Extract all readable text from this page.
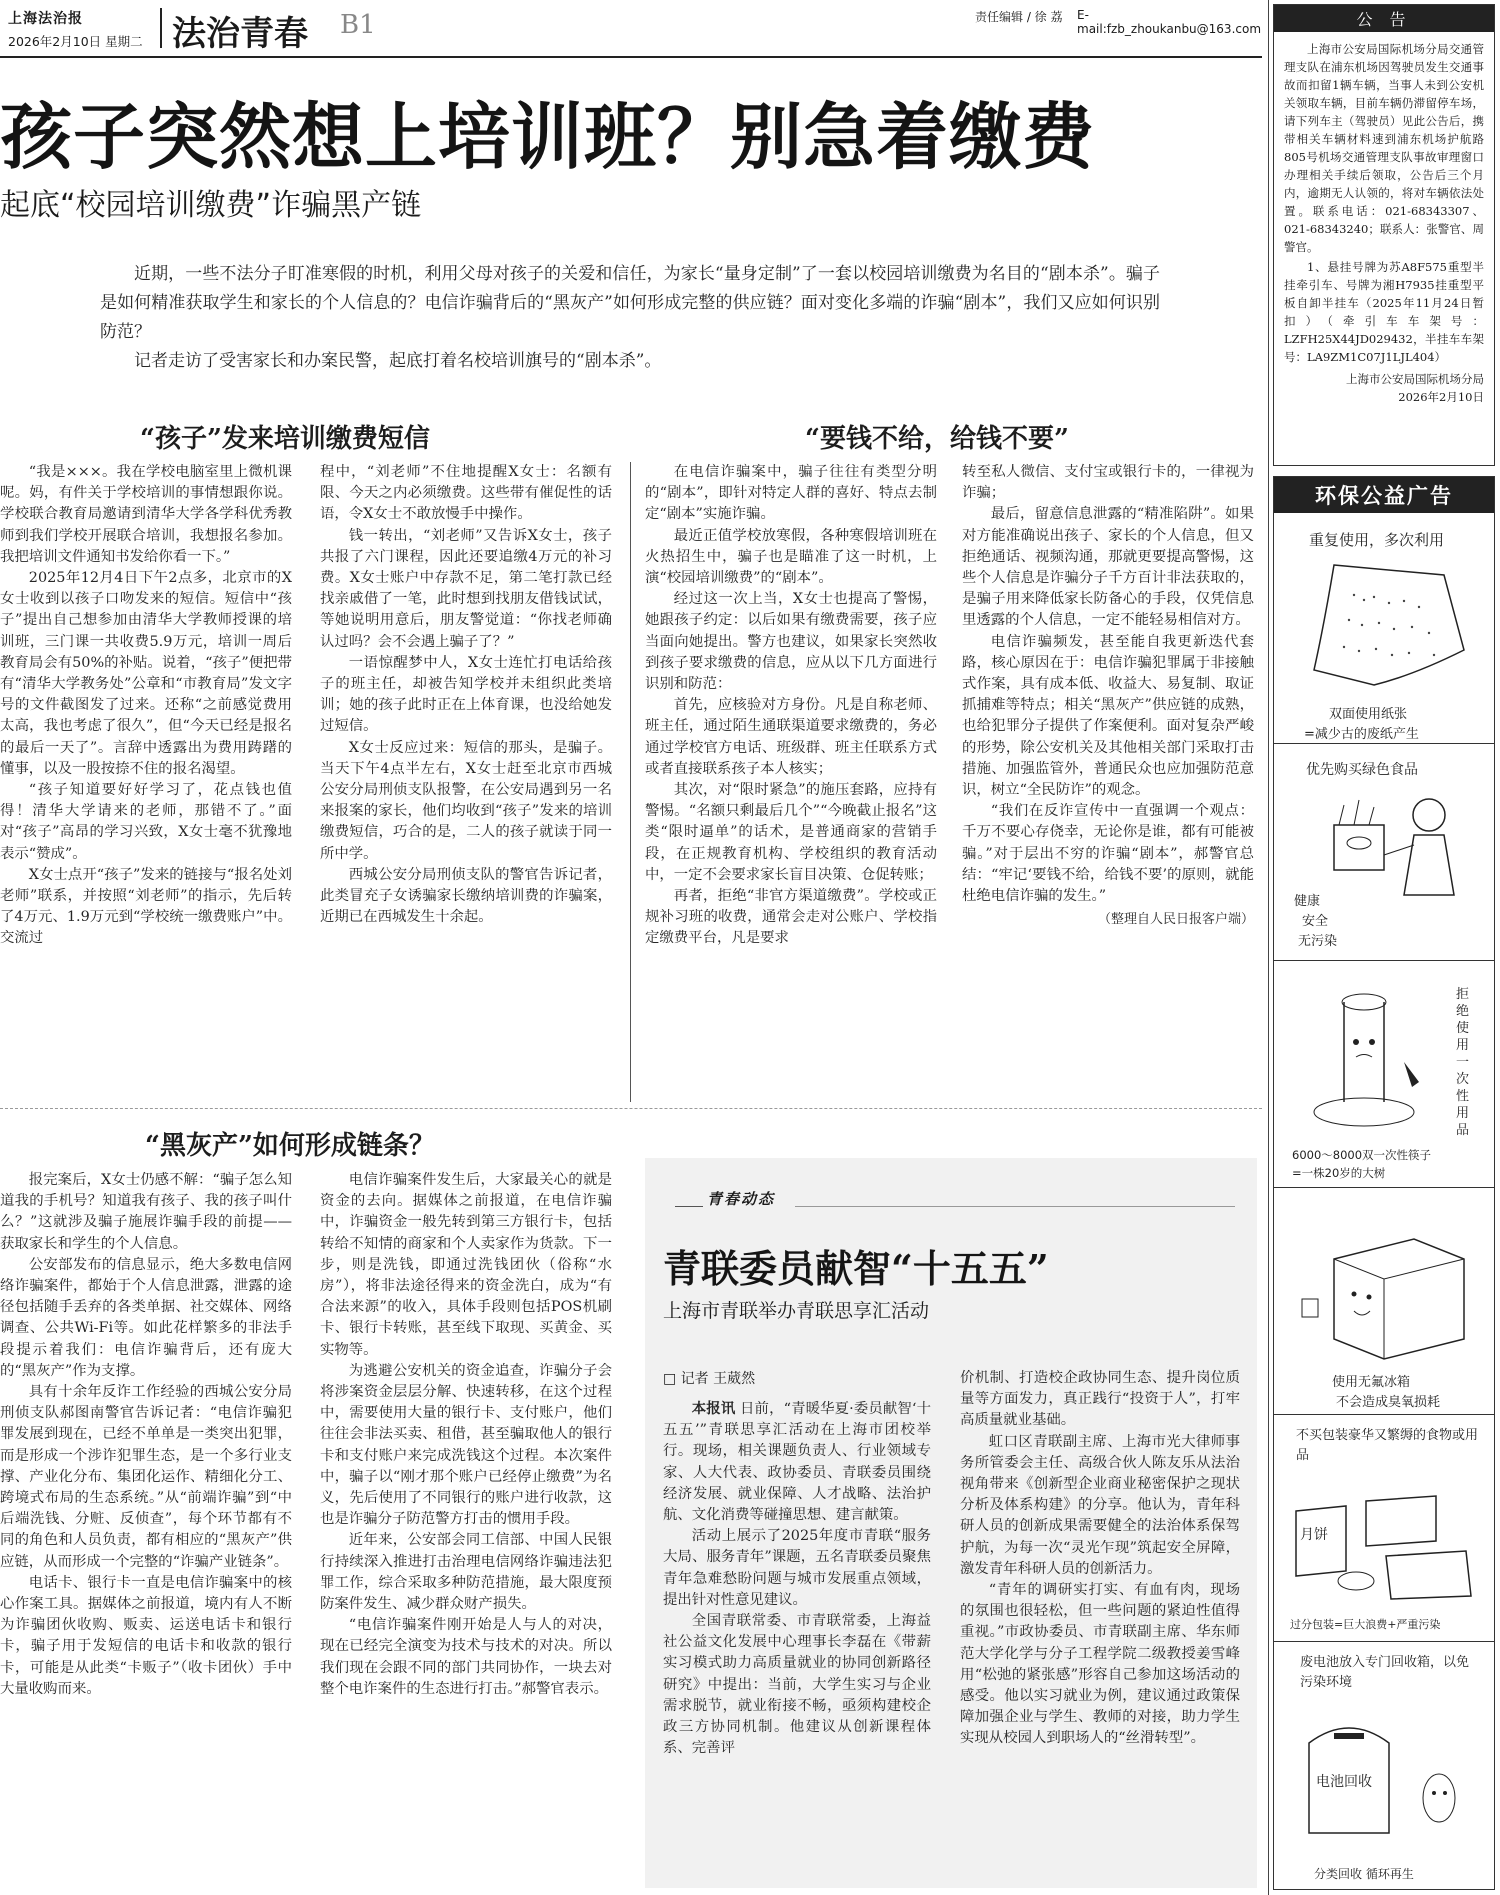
上海法治报
2026年2月10日 星期二 法治青春 B1	责任编辑 / 徐 荔 E-mail:fzb_zhoukanbu@163.com
孩子突然想上培训班？别急着缴费
起底“校园培训缴费”诈骗黑产链

近期，一些不法分子盯准寒假的时机，利用父母对孩子的关爱和信任，为家长“量身定制”了一套以校园培训缴费为名目的“剧本杀”。骗子是如何精准获取学生和家长的个人信息的？电信诈骗背后的“黑灰产”如何形成完整的供应链？面对变化多端的诈骗“剧本”，我们又应如何识别防范？

记者走访了受害家长和办案民警，起底打着名校培训旗号的“剧本杀”。

“孩子”发来培训缴费短信

“我是×××。我在学校电脑室里上微机课呢。妈，有件关于学校培训的事情想跟你说。学校联合教育局邀请到清华大学各学科优秀教师到我们学校开展联合培训，我想报名参加。我把培训文件通知书发给你看一下。”

2025年12月4日下午2点多，北京市的X女士收到以孩子口吻发来的短信。短信中“孩子”提出自己想参加由清华大学教师授课的培训班，三门课一共收费5.9万元，培训一周后教育局会有50%的补贴。说着，“孩子”便把带有“清华大学教务处”公章和“市教育局”发文字号的文件截图发了过来。还称“之前感觉费用太高，我也考虑了很久”，但“今天已经是报名的最后一天了”。言辞中透露出为费用踌躇的懂事，以及一股按捺不住的报名渴望。

“孩子知道要好好学习了，花点钱也值得！清华大学请来的老师，那错不了。”面对“孩子”高昂的学习兴致，X女士毫不犹豫地表示“赞成”。

X女士点开“孩子”发来的链接与“报名处刘老师”联系，并按照“刘老师”的指示，先后转了4万元、1.9万元到“学校统一缴费账户”中。交流过

程中，“刘老师”不住地提醒X女士：名额有限、今天之内必须缴费。这些带有催促性的话语，令X女士不敢放慢手中操作。

钱一转出，“刘老师”又告诉X女士，孩子共报了六门课程，因此还要追缴4万元的补习费。X女士账户中存款不足，第二笔打款已经找亲戚借了一笔，此时想到找朋友借钱试试，等她说明用意后，朋友警觉道：“你找老师确认过吗？会不会遇上骗子了？”

一语惊醒梦中人，X女士连忙打电话给孩子的班主任，却被告知学校并未组织此类培训；她的孩子此时正在上体育课，也没给她发过短信。

X女士反应过来：短信的那头，是骗子。当天下午4点半左右，X女士赶至北京市西城公安分局刑侦支队报警，在公安局遇到另一名来报案的家长，他们均收到“孩子”发来的培训缴费短信，巧合的是，二人的孩子就读于同一所中学。

西城公安分局刑侦支队的警官告诉记者，此类冒充子女诱骗家长缴纳培训费的诈骗案，近期已在西城发生十余起。

“要钱不给，给钱不要”

在电信诈骗案中，骗子往往有类型分明的“剧本”，即针对特定人群的喜好、特点去制定“剧本”实施诈骗。

最近正值学校放寒假，各种寒假培训班在火热招生中，骗子也是瞄准了这一时机，上演“校园培训缴费”的“剧本”。

经过这一次上当，X女士也提高了警惕，她跟孩子约定：以后如果有缴费需要，孩子应当面向她提出。警方也建议，如果家长突然收到孩子要求缴费的信息，应从以下几方面进行识别和防范：

首先，应核验对方身份。凡是自称老师、班主任，通过陌生通联渠道要求缴费的，务必通过学校官方电话、班级群、班主任联系方式或者直接联系孩子本人核实；

其次，对“限时紧急”的施压套路，应持有警惕。“名额只剩最后几个”“今晚截止报名”这类“限时逼单”的话术，是普通商家的营销手段，在正规教育机构、学校组织的教育活动中，一定不会要求家长盲目决策、仓促转账；

再者，拒绝“非官方渠道缴费”。学校或正规补习班的收费，通常会走对公账户、学校指定缴费平台，凡是要求

转至私人微信、支付宝或银行卡的，一律视为诈骗；

最后，留意信息泄露的“精准陷阱”。如果对方能准确说出孩子、家长的个人信息，但又拒绝通话、视频沟通，那就更要提高警惕，这些个人信息是诈骗分子千方百计非法获取的，是骗子用来降低家长防备心的手段，仅凭信息里透露的个人信息，一定不能轻易相信对方。

电信诈骗频发，甚至能自我更新迭代套路，核心原因在于：电信诈骗犯罪属于非接触式作案，具有成本低、收益大、易复制、取证抓捕难等特点；相关“黑灰产”供应链的成熟，也给犯罪分子提供了作案便利。面对复杂严峻的形势，除公安机关及其他相关部门采取打击措施、加强监管外，普通民众也应加强防范意识，树立“全民防诈”的观念。

“我们在反诈宣传中一直强调一个观点：千万不要心存侥幸，无论你是谁，都有可能被骗。”对于层出不穷的诈骗“剧本”，郝警官总结：“牢记‘要钱不给，给钱不要’的原则，就能杜绝电信诈骗的发生。”

（整理自人民日报客户端）
“黑灰产”如何形成链条？

报完案后，X女士仍感不解：“骗子怎么知道我的手机号？知道我有孩子、我的孩子叫什么？”这就涉及骗子施展诈骗手段的前提——获取家长和学生的个人信息。

公安部发布的信息显示，绝大多数电信网络诈骗案件，都始于个人信息泄露，泄露的途径包括随手丢弃的各类单据、社交媒体、网络调查、公共Wi-Fi等。如此花样繁多的非法手段提示着我们：电信诈骗背后，还有庞大的“黑灰产”作为支撑。

具有十余年反诈工作经验的西城公安分局刑侦支队郝图南警官告诉记者：“电信诈骗犯罪发展到现在，已经不单单是一类突出犯罪，而是形成一个涉诈犯罪生态，是一个多行业支撑、产业化分布、集团化运作、精细化分工、跨境式布局的生态系统。”从“前端诈骗”到“中后端洗钱、分赃、反侦查”，每个环节都有不同的角色和人员负责，都有相应的“黑灰产”供应链，从而形成一个完整的“诈骗产业链条”。

电话卡、银行卡一直是电信诈骗案中的核心作案工具。据媒体之前报道，境内有人不断为诈骗团伙收购、贩卖、运送电话卡和银行卡，骗子用于发短信的电话卡和收款的银行卡，可能是从此类“卡贩子”（收卡团伙）手中大量收购而来。

电信诈骗案件发生后，大家最关心的就是资金的去向。据媒体之前报道，在电信诈骗中，诈骗资金一般先转到第三方银行卡，包括转给不知情的商家和个人卖家作为货款。下一步，则是洗钱，即通过洗钱团伙（俗称“水房”），将非法途径得来的资金洗白，成为“有合法来源”的收入，具体手段则包括POS机刷卡、银行卡转账，甚至线下取现、买黄金、买实物等。

为逃避公安机关的资金追查，诈骗分子会将涉案资金层层分解、快速转移，在这个过程中，需要使用大量的银行卡、支付账户，他们往往会非法买卖、租借，甚至骗取他人的银行卡和支付账户来完成洗钱这个过程。本次案件中，骗子以“刚才那个账户已经停止缴费”为名义，先后使用了不同银行的账户进行收款，这也是诈骗分子防范警方打击的惯用手段。

近年来，公安部会同工信部、中国人民银行持续深入推进打击治理电信网络诈骗违法犯罪工作，综合采取多种防范措施，最大限度预防案件发生、减少群众财产损失。

“电信诈骗案件刚开始是人与人的对决，现在已经完全演变为技术与技术的对决。所以我们现在会跟不同的部门共同协作，一块去对整个电诈案件的生态进行打击。”郝警官表示。

青春动态
青联委员献智“十五五”
上海市青联举办青联思享汇活动
□ 记者 王葳然

本报讯 日前，“青暖华夏·委员献智‘十五五’”青联思享汇活动在上海市团校举行。现场，相关课题负责人、行业领域专家、人大代表、政协委员、青联委员围绕经济发展、就业保障、人才战略、法治护航、文化消费等碰撞思想、建言献策。

活动上展示了2025年度市青联“服务大局、服务青年”课题，五名青联委员聚焦青年急难愁盼问题与城市发展重点领域，提出针对性意见建议。

全国青联常委、市青联常委，上海益社公益文化发展中心理事长李磊在《带薪实习模式助力高质量就业的协同创新路径研究》中提出：当前，大学生实习与企业需求脱节，就业衔接不畅，亟须构建校企政三方协同机制。他建议从创新课程体系、完善评

价机制、打造校企政协同生态、提升岗位质量等方面发力，真正践行“投资于人”，打牢高质量就业基础。

虹口区青联副主席、上海市光大律师事务所管委会主任、高级合伙人陈友乐从法治视角带来《创新型企业商业秘密保护之现状分析及体系构建》的分享。他认为，青年科研人员的创新成果需要健全的法治体系保驾护航，为每一次“灵光乍现”筑起安全屏障，激发青年科研人员的创新活力。

“青年的调研实打实、有血有肉，现场的氛围也很轻松，但一些问题的紧迫性值得重视。”市政协委员、市青联副主席、华东师范大学化学与分子工程学院二级教授姜雪峰用“松弛的紧张感”形容自己参加这场活动的感受。他以实习就业为例，建议通过政策保障加强企业与学生、教师的对接，助力学生实现从校园人到职场人的“丝滑转型”。

公 告
上海市公安局国际机场分局交通管理支队在浦东机场因驾驶员发生交通事故而扣留1辆车辆，当事人未到公安机关领取车辆，目前车辆仍滞留停车场，请下列车主（驾驶员）见此公告后，携带相关车辆材料速到浦东机场护航路805号机场交通管理支队事故审理窗口办理相关手续后领取，公告后三个月内，逾期无人认领的，将对车辆依法处置。联系电话：021-68343307、021-68343240；联系人：张警官、周警官。
1、悬挂号牌为苏A8F575重型半挂牵引车、号牌为湘H7935挂重型平板自卸半挂车（2025年11月24日暂扣）（牵引车车架号：LZFH25X44JD029432，半挂车车架号：LA9ZM1C07J1LJL404）
上海市公安局国际机场分局
2026年2月10日
环保公益广告
重复使用，多次利用
双面使用纸张
=减少古的废纸产生
优先购买绿色食品
健康
安全
无污染
拒绝使用一次性用品
6000～8000双一次性筷子
=一株20岁的大树
使用无氟冰箱
不会造成臭氧损耗
不买包装豪华又繁缛的食物或用品
月饼
过分包装=巨大浪费+严重污染
废电池放入专门回收箱，以免污染环境
电池回收
分类回收 循环再生
